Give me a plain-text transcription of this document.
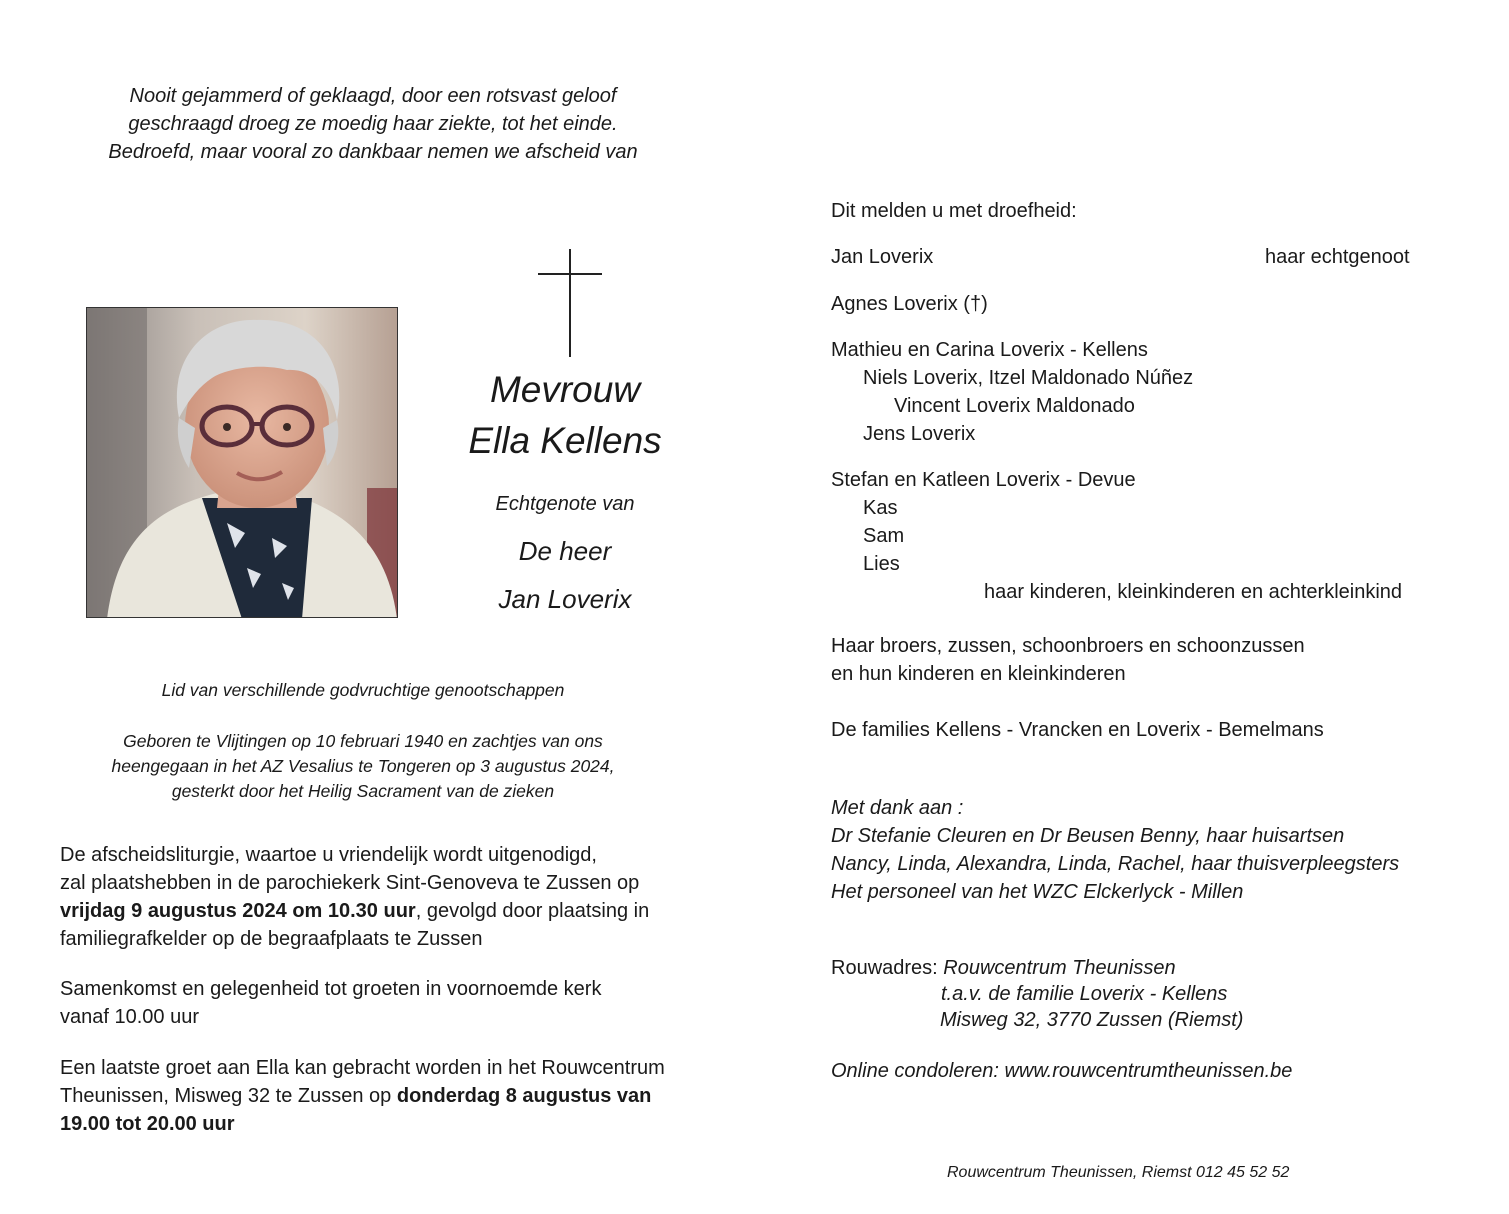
Nooit gejammerd of geklaagd, door een rotsvast geloof
geschraagd droeg ze moedig haar ziekte, tot het einde.
Bedroefd, maar vooral zo dankbaar nemen we afscheid van
Mevrouw
Ella Kellens
Echtgenote van
De heer
Jan Loverix
Lid van verschillende godvruchtige genootschappen
Geboren te Vlijtingen op 10 februari 1940 en zachtjes van ons
heengegaan in het AZ Vesalius te Tongeren op 3 augustus 2024,
gesterkt door het Heilig Sacrament van de zieken
De afscheidsliturgie, waartoe u vriendelijk wordt uitgenodigd,
zal plaatshebben in de parochiekerk Sint-Genoveva te Zussen op
vrijdag 9 augustus 2024 om 10.30 uur, gevolgd door plaatsing in
familiegrafkelder op de begraafplaats te Zussen
Samenkomst en gelegenheid tot groeten in voornoemde kerk
vanaf 10.00 uur
Een laatste groet aan Ella kan gebracht worden in het Rouwcentrum
Theunissen, Misweg 32 te Zussen op donderdag 8 augustus van
19.00 tot 20.00 uur
Dit melden u met droefheid:
Jan Loverix	haar echtgenoot
Agnes Loverix (†)
Mathieu en Carina Loverix - Kellens
Niels Loverix, Itzel Maldonado Núñez
Vincent Loverix Maldonado
Jens Loverix
Stefan en Katleen Loverix - Devue
Kas
Sam
Lies
haar kinderen, kleinkinderen en achterkleinkind
Haar broers, zussen, schoonbroers en schoonzussen
en hun kinderen en kleinkinderen
De families Kellens - Vrancken en Loverix - Bemelmans
Met dank aan :
Dr Stefanie Cleuren en Dr Beusen Benny, haar huisartsen
Nancy, Linda, Alexandra, Linda, Rachel, haar thuisverpleegsters
Het personeel van het WZC Elckerlyck - Millen
Rouwadres: Rouwcentrum Theunissen
t.a.v. de familie Loverix - Kellens
Misweg 32, 3770 Zussen (Riemst)
Online condoleren: www.rouwcentrumtheunissen.be
Rouwcentrum Theunissen, Riemst 012 45 52 52
